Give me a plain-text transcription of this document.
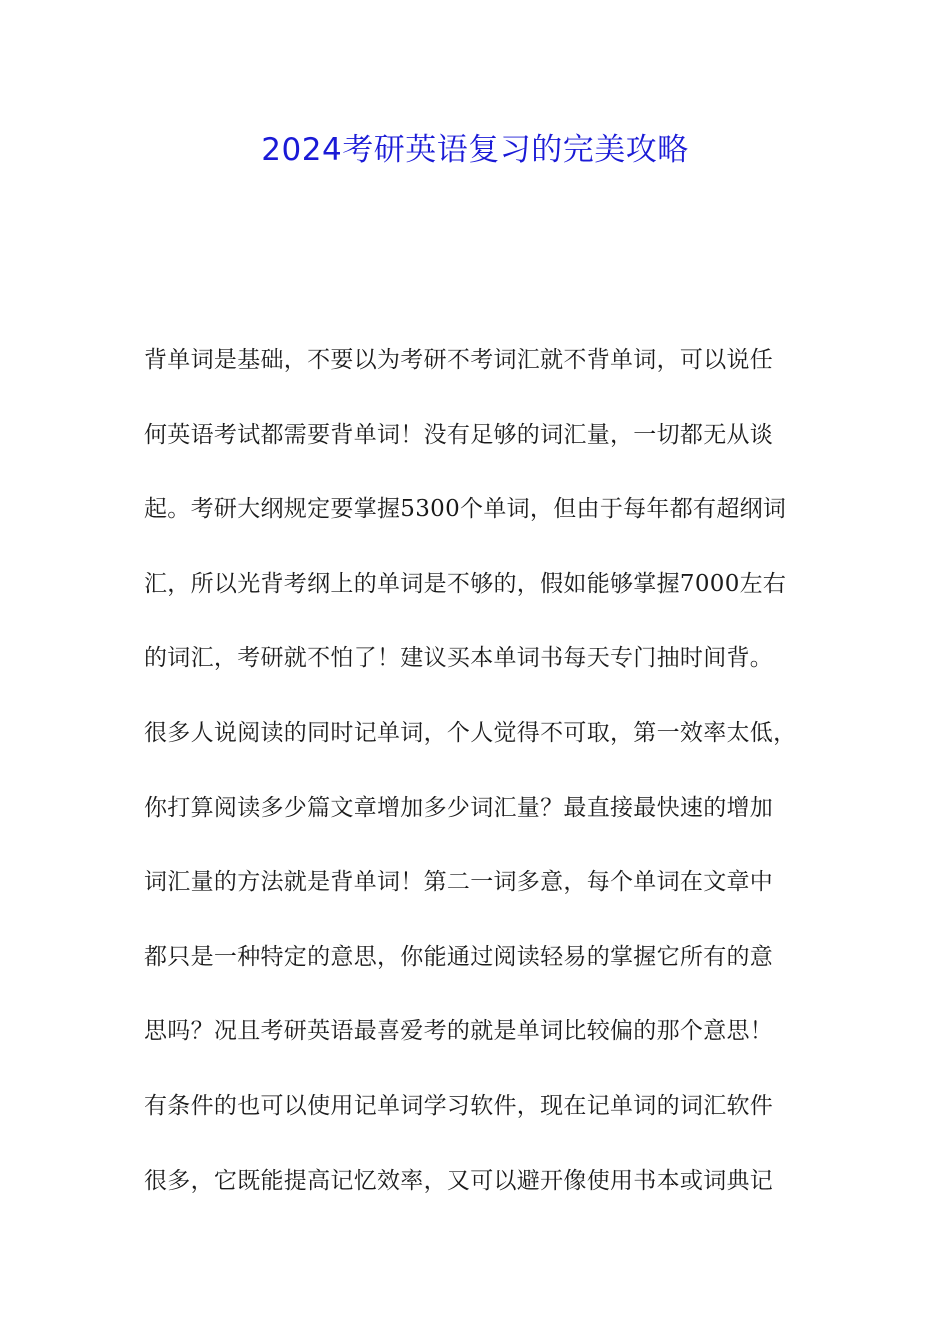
2024考研英语复习的完美攻略
背单词是基础，不要以为考研不考词汇就不背单词，可以说任
何英语考试都需要背单词！没有足够的词汇量，一切都无从谈
起。考研大纲规定要掌握5300个单词，但由于每年都有超纲词
汇，所以光背考纲上的单词是不够的，假如能够掌握7000左右
的词汇，考研就不怕了！建议买本单词书每天专门抽时间背。
很多人说阅读的同时记单词，个人觉得不可取，第一效率太低，
你打算阅读多少篇文章增加多少词汇量？最直接最快速的增加
词汇量的方法就是背单词！第二一词多意，每个单词在文章中
都只是一种特定的意思，你能通过阅读轻易的掌握它所有的意
思吗？况且考研英语最喜爱考的就是单词比较偏的那个意思！
有条件的也可以使用记单词学习软件，现在记单词的词汇软件
很多，它既能提高记忆效率，又可以避开像使用书本或词典记
